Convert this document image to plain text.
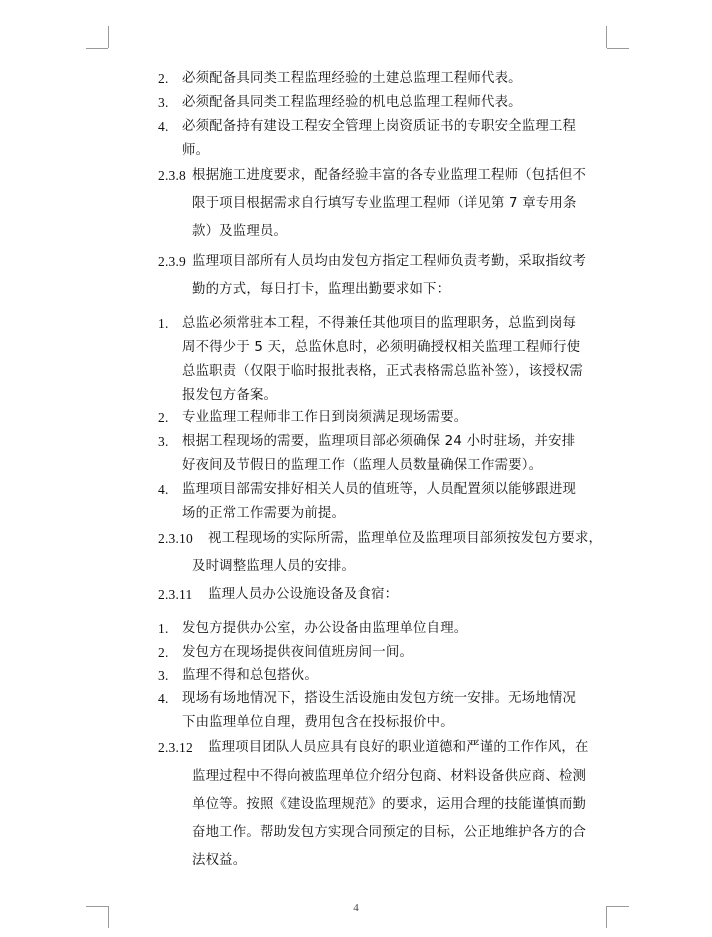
2. 必须配备具同类工程监理经验的土建总监理工程师代表。
3. 必须配备具同类工程监理经验的机电总监理工程师代表。
4. 必须配备持有建设工程安全管理上岗资质证书的专职安全监理工程
师。
2.3.8 根据施工进度要求，配备经验丰富的各专业监理工程师（包括但不
限于项目根据需求自行填写专业监理工程师（详见第 7 章专用条
款）及监理员。
2.3.9 监理项目部所有人员均由发包方指定工程师负责考勤，采取指纹考
勤的方式，每日打卡，监理出勤要求如下：
1. 总监必须常驻本工程，不得兼任其他项目的监理职务，总监到岗每
周不得少于 5 天，总监休息时，必须明确授权相关监理工程师行使
总监职责（仅限于临时报批表格，正式表格需总监补签），该授权需
报发包方备案。
2. 专业监理工程师非工作日到岗须满足现场需要。
3. 根据工程现场的需要，监理项目部必须确保 24 小时驻场，并安排
好夜间及节假日的监理工作（监理人员数量确保工作需要）。
4. 监理项目部需安排好相关人员的值班等，人员配置须以能够跟进现
场的正常工作需要为前提。
2.3.10 视工程现场的实际所需，监理单位及监理项目部须按发包方要求，
及时调整监理人员的安排。
2.3.11 监理人员办公设施设备及食宿：
1. 发包方提供办公室，办公设备由监理单位自理。
2. 发包方在现场提供夜间值班房间一间。
3. 监理不得和总包搭伙。
4. 现场有场地情况下，搭设生活设施由发包方统一安排。无场地情况
下由监理单位自理，费用包含在投标报价中。
2.3.12 监理项目团队人员应具有良好的职业道德和严谨的工作作风，在
监理过程中不得向被监理单位介绍分包商、材料设备供应商、检测
单位等。按照《建设监理规范》的要求，运用合理的技能谨慎而勤
奋地工作。帮助发包方实现合同预定的目标，公正地维护各方的合
法权益。
4
